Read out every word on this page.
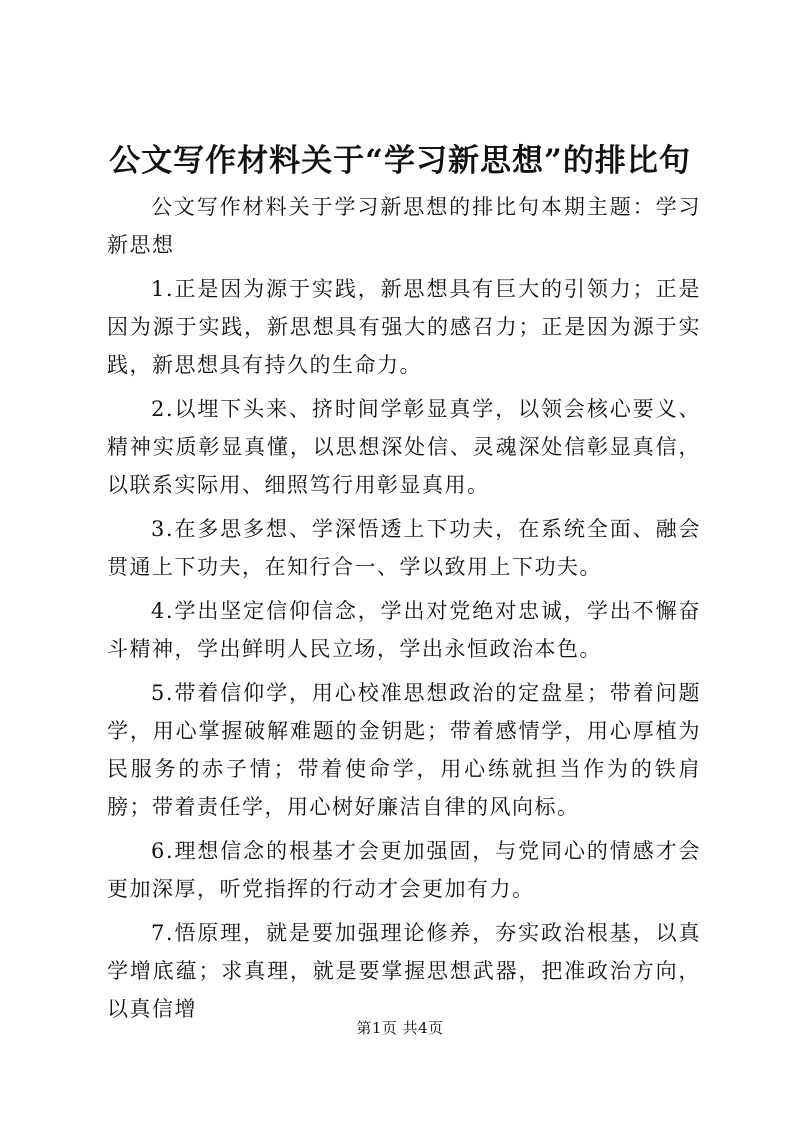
公文写作材料关于“学习新思想”的排比句

公文写作材料关于学习新思想的排比句本期主题：学习新思想

1.正是因为源于实践，新思想具有巨大的引领力；正是因为源于实践，新思想具有强大的感召力；正是因为源于实践，新思想具有持久的生命力。

2.以埋下头来、挤时间学彰显真学，以领会核心要义、精神实质彰显真懂，以思想深处信、灵魂深处信彰显真信，以联系实际用、细照笃行用彰显真用。

3.在多思多想、学深悟透上下功夫，在系统全面、融会贯通上下功夫，在知行合一、学以致用上下功夫。

4.学出坚定信仰信念，学出对党绝对忠诚，学出不懈奋斗精神，学出鲜明人民立场，学出永恒政治本色。

5.带着信仰学，用心校准思想政治的定盘星；带着问题学，用心掌握破解难题的金钥匙；带着感情学，用心厚植为民服务的赤子情；带着使命学，用心练就担当作为的铁肩膀；带着责任学，用心树好廉洁自律的风向标。

6.理想信念的根基才会更加强固，与党同心的情感才会更加深厚，听党指挥的行动才会更加有力。

7.悟原理，就是要加强理论修养，夯实政治根基，以真学增底蕴；求真理，就是要掌握思想武器，把准政治方向，以真信增

第1页 共4页
